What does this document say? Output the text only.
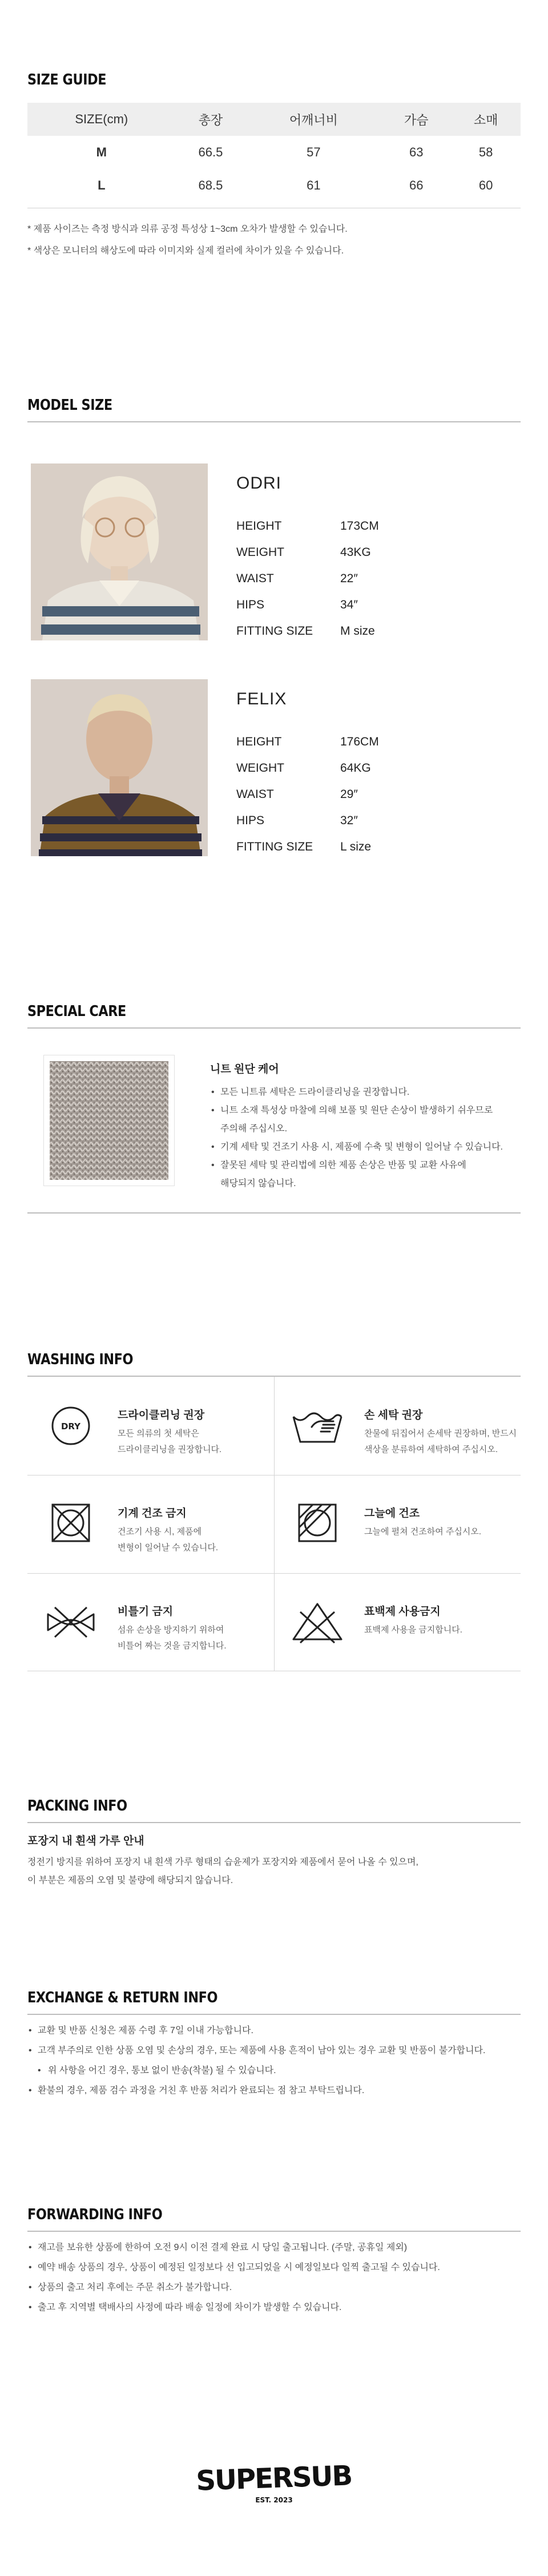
SIZE GUIDE
SIZE(cm)	총장	어깨너비	가슴	소매
M	66.5	57	63	58
L	68.5	61	66	60
* 제품 사이즈는 측정 방식과 의류 공정 특성상 1~3cm 오차가 발생할 수 있습니다.
* 색상은 모니터의 해상도에 따라 이미지와 실제 컬러에 차이가 있을 수 있습니다.
MODEL SIZE
ODRI
HEIGHT	173CM
WEIGHT	43KG
WAIST	22″
HIPS	34″
FITTING SIZE M size
FELIX
HEIGHT	176CM
WEIGHT	64KG
WAIST	29″
HIPS	32″
FITTING SIZE L size
SPECIAL CARE
니트 원단 케어
• 모든 니트류 세탁은 드라이클리닝을 권장합니다.
• 니트 소재 특성상 마찰에 의해 보풀 및 원단 손상이 발생하기 쉬우므로
주의해 주십시오.
• 기계 세탁 및 건조기 사용 시, 제품에 수축 및 변형이 일어날 수 있습니다.
• 잘못된 세탁 및 관리법에 의한 제품 손상은 반품 및 교환 사유에
해당되지 않습니다.
WASHING INFO
DRY
드라이클리닝 권장
모든 의류의 첫 세탁은
드라이클리닝을 권장합니다.
손 세탁 권장
찬물에 뒤집어서 손세탁 권장하며, 반드시
색상을 분류하여 세탁하여 주십시오.
기계 건조 금지
건조기 사용 시, 제품에
변형이 일어날 수 있습니다.
그늘에 건조
그늘에 펼쳐 건조하여 주십시오.
비틀기 금지
섬유 손상을 방지하기 위하여
비틀어 짜는 것을 금지합니다.
표백제 사용금지
표백제 사용을 금지합니다.
PACKING INFO
포장지 내 흰색 가루 안내
정전기 방지를 위하여 포장지 내 흰색 가루 형태의 습윤제가 포장지와 제품에서 묻어 나올 수 있으며,
이 부분은 제품의 오염 및 불량에 해당되지 않습니다.
EXCHANGE & RETURN INFO
• 교환 및 반품 신청은 제품 수령 후 7일 이내 가능합니다.
• 고객 부주의로 인한 상품 오염 및 손상의 경우, 또는 제품에 사용 흔적이 남아 있는 경우 교환 및 반품이 불가합니다.
• 위 사항을 어긴 경우, 통보 없이 반송(착불) 될 수 있습니다.
• 환불의 경우, 제품 검수 과정을 거친 후 반품 처리가 완료되는 점 참고 부탁드립니다.
FORWARDING INFO
• 재고를 보유한 상품에 한하여 오전 9시 이전 결제 완료 시 당일 출고됩니다. (주말, 공휴일 제외)
• 예약 배송 상품의 경우, 상품이 예정된 일정보다 선 입고되었을 시 예정일보다 일찍 출고될 수 있습니다.
• 상품의 출고 처리 후에는 주문 취소가 불가합니다.
• 출고 후 지역별 택배사의 사정에 따라 배송 일정에 차이가 발생할 수 있습니다.
SUPERSUB
EST. 2023
